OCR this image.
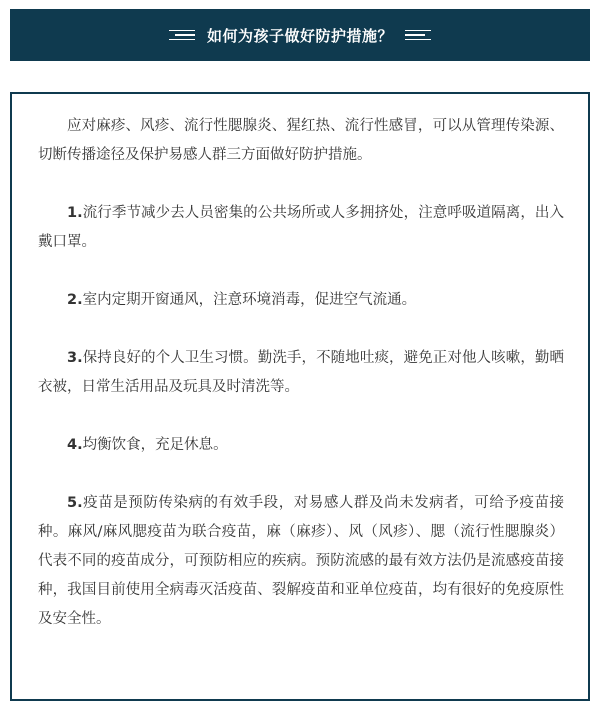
如何为孩子做好防护措施？

应对麻疹、风疹、流行性腮腺炎、猩红热、流行性感冒，可以从管理传染源、切断传播途径及保护易感人群三方面做好防护措施。

1.流行季节减少去人员密集的公共场所或人多拥挤处，注意呼吸道隔离，出入戴口罩。

2.室内定期开窗通风，注意环境消毒，促进空气流通。

3.保持良好的个人卫生习惯。勤洗手，不随地吐痰，避免正对他人咳嗽，勤晒衣被，日常生活用品及玩具及时清洗等。

4.均衡饮食，充足休息。

5.疫苗是预防传染病的有效手段，对易感人群及尚未发病者，可给予疫苗接种。麻风/麻风腮疫苗为联合疫苗，麻（麻疹）、风（风疹）、腮（流行性腮腺炎）代表不同的疫苗成分，可预防相应的疾病。预防流感的最有效方法仍是流感疫苗接种，我国目前使用全病毒灭活疫苗、裂解疫苗和亚单位疫苗，均有很好的免疫原性及安全性。
